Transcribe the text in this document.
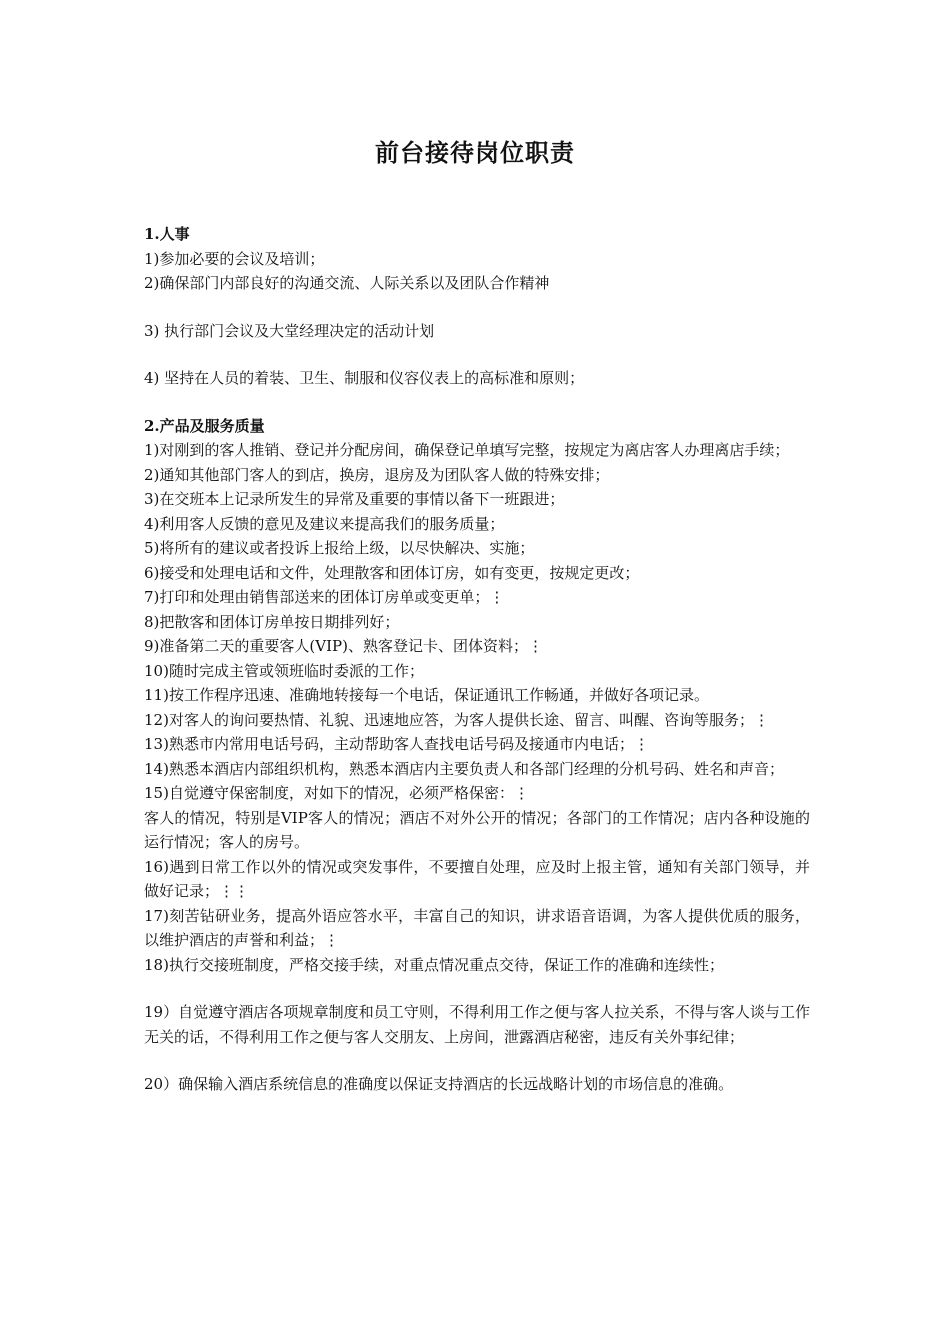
前台接待岗位职责

1.人事

1)参加必要的会议及培训；

2)确保部门内部良好的沟通交流、人际关系以及团队合作精神

3) 执行部门会议及大堂经理决定的活动计划

4) 坚持在人员的着装、卫生、制服和仪容仪表上的高标准和原则；

2.产品及服务质量

1)对刚到的客人推销、登记并分配房间，确保登记单填写完整，按规定为离店客人办理离店手续；

2)通知其他部门客人的到店，换房，退房及为团队客人做的特殊安排；

3)在交班本上记录所发生的异常及重要的事情以备下一班跟进；

4)利用客人反馈的意见及建议来提高我们的服务质量；

5)将所有的建议或者投诉上报给上级，以尽快解决、实施；

6)接受和处理电话和文件，处理散客和团体订房，如有变更，按规定更改；

7)打印和处理由销售部送来的团体订房单或变更单；⋮

8)把散客和团体订房单按日期排列好；

9)准备第二天的重要客人(VIP)、熟客登记卡、团体资料；⋮

10)随时完成主管或领班临时委派的工作；

11)按工作程序迅速、准确地转接每一个电话，保证通讯工作畅通，并做好各项记录。

12)对客人的询问要热情、礼貌、迅速地应答，为客人提供长途、留言、叫醒、咨询等服务；⋮

13)熟悉市内常用电话号码，主动帮助客人查找电话号码及接通市内电话；⋮

14)熟悉本酒店内部组织机构，熟悉本酒店内主要负责人和各部门经理的分机号码、姓名和声音；

15)自觉遵守保密制度，对如下的情况，必须严格保密：⋮

客人的情况，特别是VIP客人的情况；酒店不对外公开的情况；各部门的工作情况；店内各种设施的运行情况；客人的房号。

16)遇到日常工作以外的情况或突发事件，不要擅自处理，应及时上报主管，通知有关部门领导，并做好记录；⋮⋮

17)刻苦钻研业务，提高外语应答水平，丰富自己的知识，讲求语音语调，为客人提供优质的服务，以维护酒店的声誉和利益；⋮

18)执行交接班制度，严格交接手续，对重点情况重点交待，保证工作的准确和连续性；

19）自觉遵守酒店各项规章制度和员工守则，不得利用工作之便与客人拉关系，不得与客人谈与工作无关的话，不得利用工作之便与客人交朋友、上房间，泄露酒店秘密，违反有关外事纪律；

20）确保输入酒店系统信息的准确度以保证支持酒店的长远战略计划的市场信息的准确。
